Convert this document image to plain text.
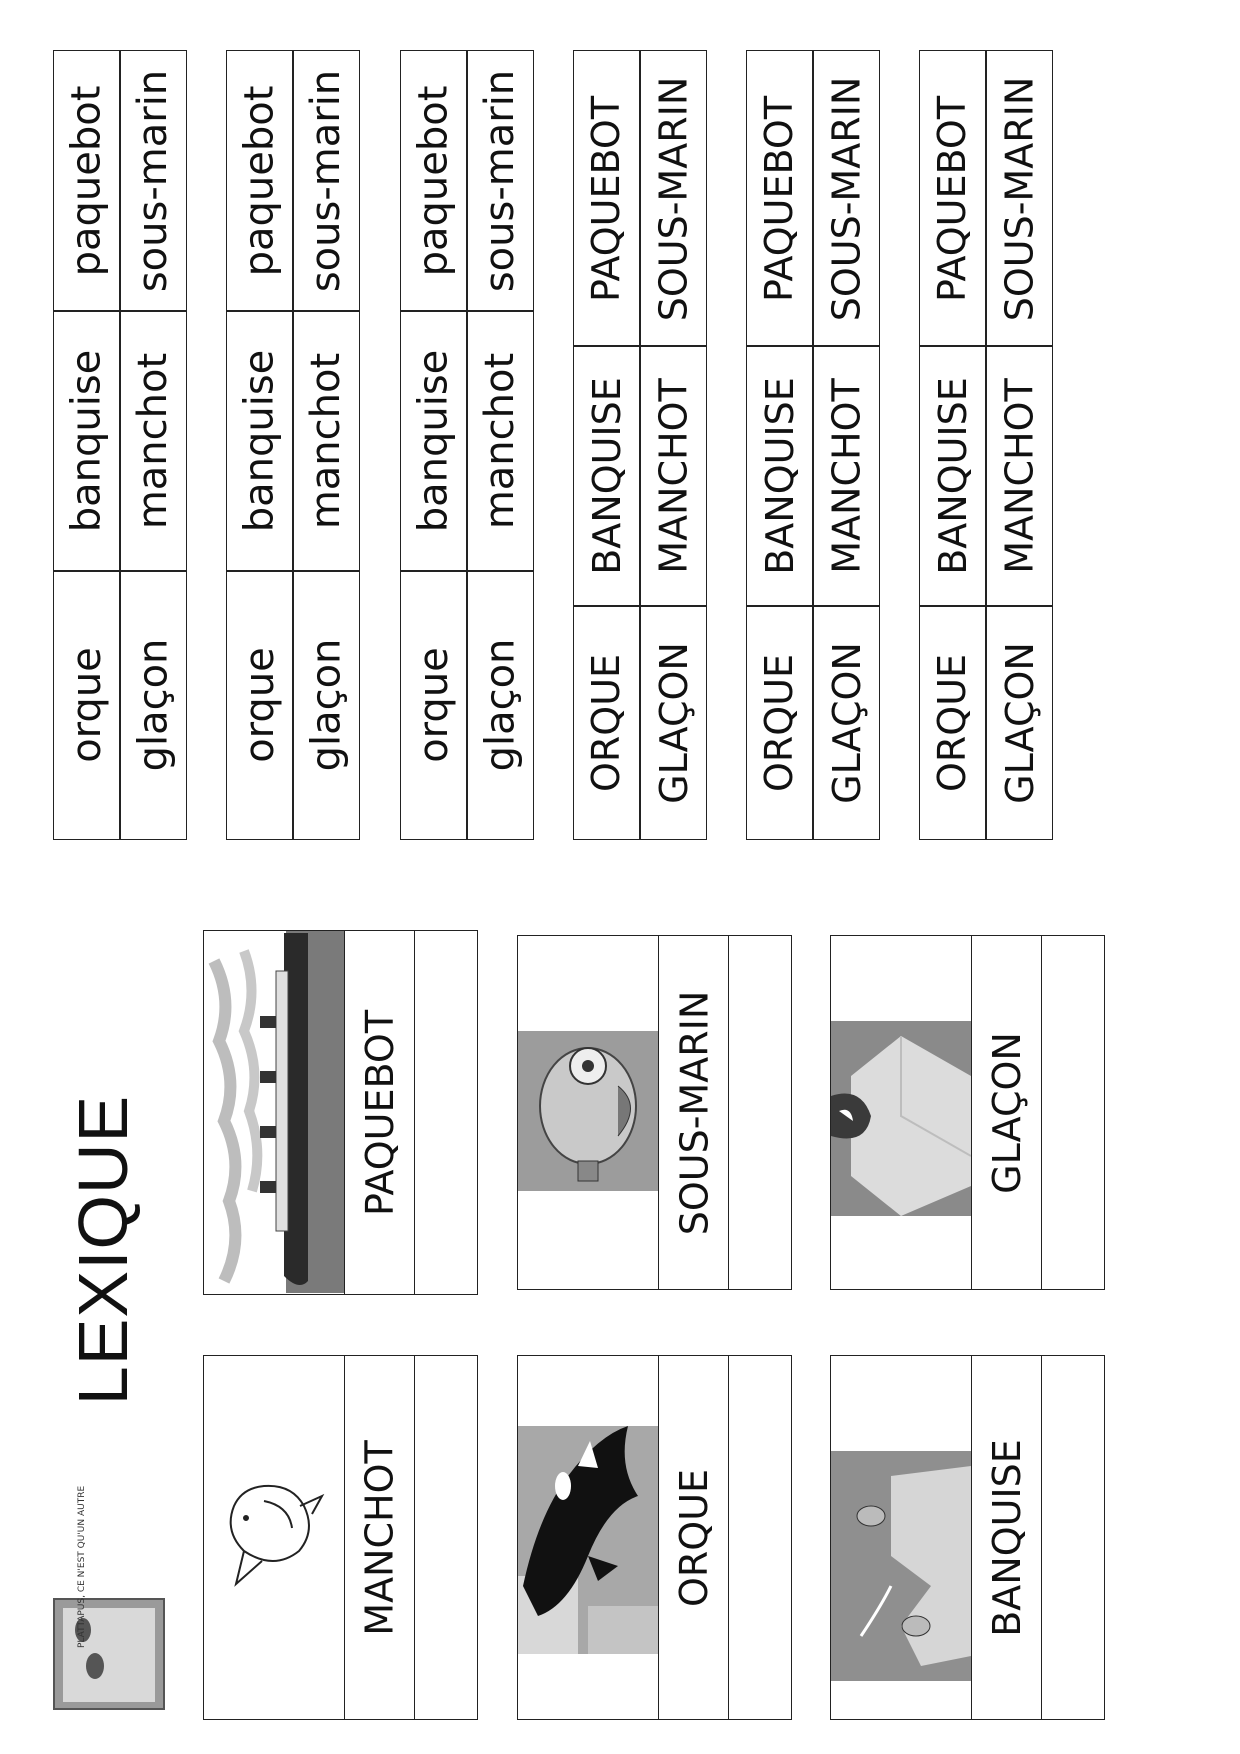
orque
banquise
paquebot
glaçon
manchot
sous-marin
orque
banquise
paquebot
glaçon
manchot
sous-marin
orque
banquise
paquebot
glaçon
manchot
sous-marin
ORQUE
BANQUISE
PAQUEBOT
GLAÇON
MANCHOT
SOUS-MARIN
ORQUE
BANQUISE
PAQUEBOT
GLAÇON
MANCHOT
SOUS-MARIN
ORQUE
BANQUISE
PAQUEBOT
GLAÇON
MANCHOT
SOUS-MARIN
LEXIQUE
PLATTAPUS, CE N'EST QU'UN AUTRE	MANCHOT
PAQUEBOT
ORQUE
SOUS-MARIN
BANQUISE
GLAÇON
